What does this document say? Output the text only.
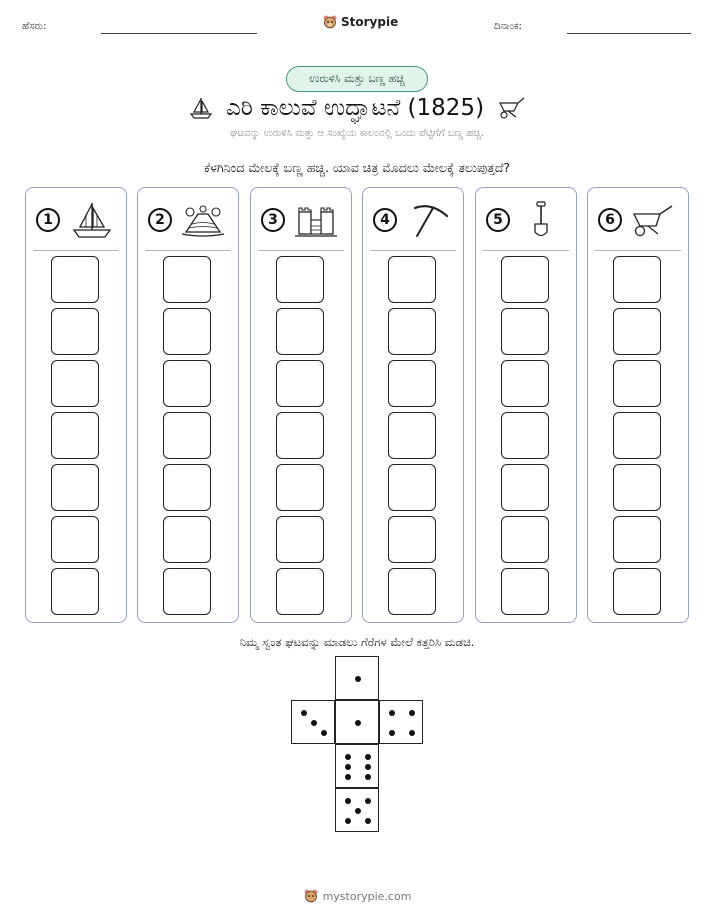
ಹೆಸರು:	Storypie	ದಿನಾಂಕ:
ಉರುಳಿಸಿ ಮತ್ತು ಬಣ್ಣ ಹಚ್ಚಿ
ಎರಿ ಕಾಲುವೆ ಉದ್ಘಾಟನೆ (1825)
ಘಟವನ್ನು ಉರುಳಿಸಿ ಮತ್ತು ಆ ಸಂಖ್ಯೆಯ ಕಾಲಂನಲ್ಲಿ ಒಂದು ಪೆಟ್ಟಿಗೆಗೆ ಬಣ್ಣ ಹಚ್ಚಿ.
ಕೆಳಗಿನಿಂದ ಮೇಲಕ್ಕೆ ಬಣ್ಣ ಹಚ್ಚಿ. ಯಾವ ಚಿತ್ರ ಮೊದಲು ಮೇಲಕ್ಕೆ ತಲುಪುತ್ತದೆ?
1	2	3	4	5	6
ನಿಮ್ಮ ಸ್ವಂತ ಘಟವನ್ನು ಮಾಡಲು ಗೆರೆಗಳ ಮೇಲೆ ಕತ್ತರಿಸಿ ಮಡಚಿ.
mystorypie.com
